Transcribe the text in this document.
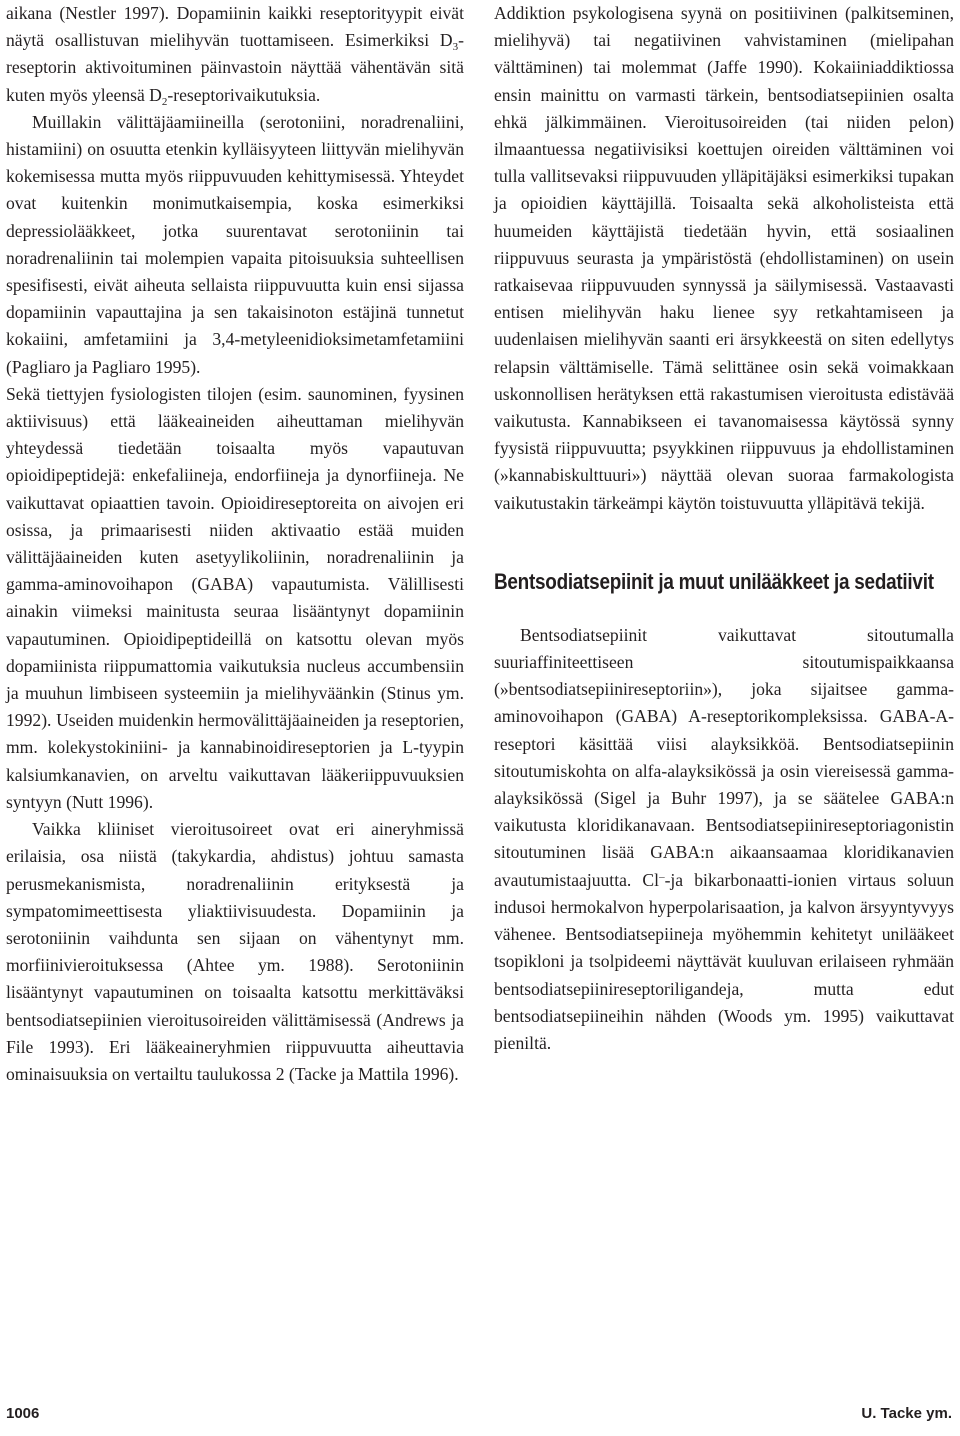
aikana (Nestler 1997). Dopamiinin kaikki reseptorityypit eivät näytä osallistuvan mielihyvän tuottamiseen. Esimerkiksi $D_3$-reseptorin aktivoituminen päinvastoin näyttää vähentävän sitä kuten myös yleensä $D_2$-reseptorivaikutuksia.

Muillakin välittäjäamiineilla (serotoniini, noradrenaliini, histamiini) on osuutta etenkin kylläisyyteen liittyvän mielihyvän kokemisessa mutta myös riippuvuuden kehittymisessä. Yhteydet ovat kuitenkin monimutkaisempia, koska esimerkiksi depressiolääkkeet, jotka suurentavat serotoniinin tai noradrenaliinin tai molempien vapaita pitoisuuksia suhteellisen spesifisesti, eivät aiheuta sellaista riippuvuutta kuin ensi sijassa dopamiinin vapauttajina ja sen takaisinoton estäjinä tunnetut kokaiini, amfetamiini ja 3,4-metyleenidioksimetamfetamiini (Pagliaro ja Pagliaro 1995).

Sekä tiettyjen fysiologisten tilojen (esim. saunominen, fyysinen aktiivisuus) että lääkeaineiden aiheuttaman mielihyvän yhteydessä tiedetään toisaalta myös vapautuvan opioidipeptidejä: enkefaliineja, endorfiineja ja dynorfiineja. Ne vaikuttavat opiaattien tavoin. Opioidireseptoreita on aivojen eri osissa, ja primaarisesti niiden aktivaatio estää muiden välittäjäaineiden kuten asetyylikoliinin, noradrenaliinin ja gamma-aminovoihapon (GABA) vapautumista. Välillisesti ainakin viimeksi mainitusta seuraa lisääntynyt dopamiinin vapautuminen. Opioidipeptideillä on katsottu olevan myös dopamiinista riippumattomia vaikutuksia nucleus accumbensiin ja muuhun limbiseen systeemiin ja mielihyväänkin (Stinus ym. 1992). Useiden muidenkin hermovälittäjäaineiden ja reseptorien, mm. kolekystokiniini- ja kannabinoidireseptorien ja L-tyypin kalsiumkanavien, on arveltu vaikuttavan lääkeriippuvuuksien syntyyn (Nutt 1996).

Vaikka kliiniset vieroitusoireet ovat eri aineryhmissä erilaisia, osa niistä (takykardia, ahdistus) johtuu samasta perusmekanismista, noradrenaliinin erityksestä ja sympatomimeettisesta yliaktiivisuudesta. Dopamiinin ja serotoniinin vaihdunta sen sijaan on vähentynyt mm. morfiinivieroituksessa (Ahtee ym. 1988). Serotoniinin lisääntynyt vapautuminen on toisaalta katsottu merkittäväksi bentsodiatsepiinien vieroitusoireiden välittämisessä (Andrews ja File 1993). Eri lääkeaineryhmien riippuvuutta aiheuttavia ominaisuuksia on vertailtu taulukossa 2 (Tacke ja Mattila 1996).

Addiktion psykologisena syynä on positiivinen (palkitseminen, mielihyvä) tai negatiivinen vahvistaminen (mielipahan välttäminen) tai molemmat (Jaffe 1990). Kokaiiniaddiktiossa ensin mainittu on varmasti tärkein, bentsodiatsepiinien osalta ehkä jälkimmäinen. Vieroitusoireiden (tai niiden pelon) ilmaantuessa negatiivisiksi koettujen oireiden välttäminen voi tulla vallitsevaksi riippuvuuden ylläpitäjäksi esimerkiksi tupakan ja opioidien käyttäjillä. Toisaalta sekä alkoholisteista että huumeiden käyttäjistä tiedetään hyvin, että sosiaalinen riippuvuus seurasta ja ympäristöstä (ehdollistaminen) on usein ratkaisevaa riippuvuuden synnyssä ja säilymisessä. Vastaavasti entisen mielihyvän haku lienee syy retkahtamiseen ja uudenlaisen mielihyvän saanti eri ärsykkeestä on siten edellytys relapsin välttämiselle. Tämä selittänee osin sekä voimakkaan uskonnollisen herätyksen että rakastumisen vieroitusta edistävää vaikutusta. Kannabikseen ei tavanomaisessa käytössä synny fyysistä riippuvuutta; psyykkinen riippuvuus ja ehdollistaminen (»kannabiskulttuuri») näyttää olevan suoraa farmakologista vaikutustakin tärkeämpi käytön toistuvuutta ylläpitävä tekijä.

Bentsodiatsepiinit ja muut unilääkkeet ja sedatiivit

Bentsodiatsepiinit vaikuttavat sitoutumalla suuriaffiniteettiseen sitoutumispaikkaansa (»bentsodiatsepiinireseptoriin»), joka sijaitsee gamma-aminovoihapon (GABA) A-reseptorikompleksissa. GABA-A-reseptori käsittää viisi alayksikköä. Bentsodiatsepiinin sitoutumiskohta on alfa-alayksikössä ja osin viereisessä gamma-alayksikössä (Sigel ja Buhr 1997), ja se säätelee GABA:n vaikutusta kloridikanavaan. Bentsodiatsepiinireseptoriagonistin sitoutuminen lisää GABA:n aikaansaamaa kloridikanavien avautumistaajuutta. Cl–-ja bikarbonaatti-ionien virtaus soluun indusoi hermokalvon hyperpolarisaation, ja kalvon ärsyyntyvyys vähenee. Bentsodiatsepiineja myöhemmin kehitetyt unilääkeet tsopikloni ja tsolpideemi näyttävät kuuluvan erilaiseen ryhmään bentsodiatsepiinireseptoriligandeja, mutta edut bentsodiatsepiineihin nähden (Woods ym. 1995) vaikuttavat pieniltä.

1006	U. Tacke ym.
